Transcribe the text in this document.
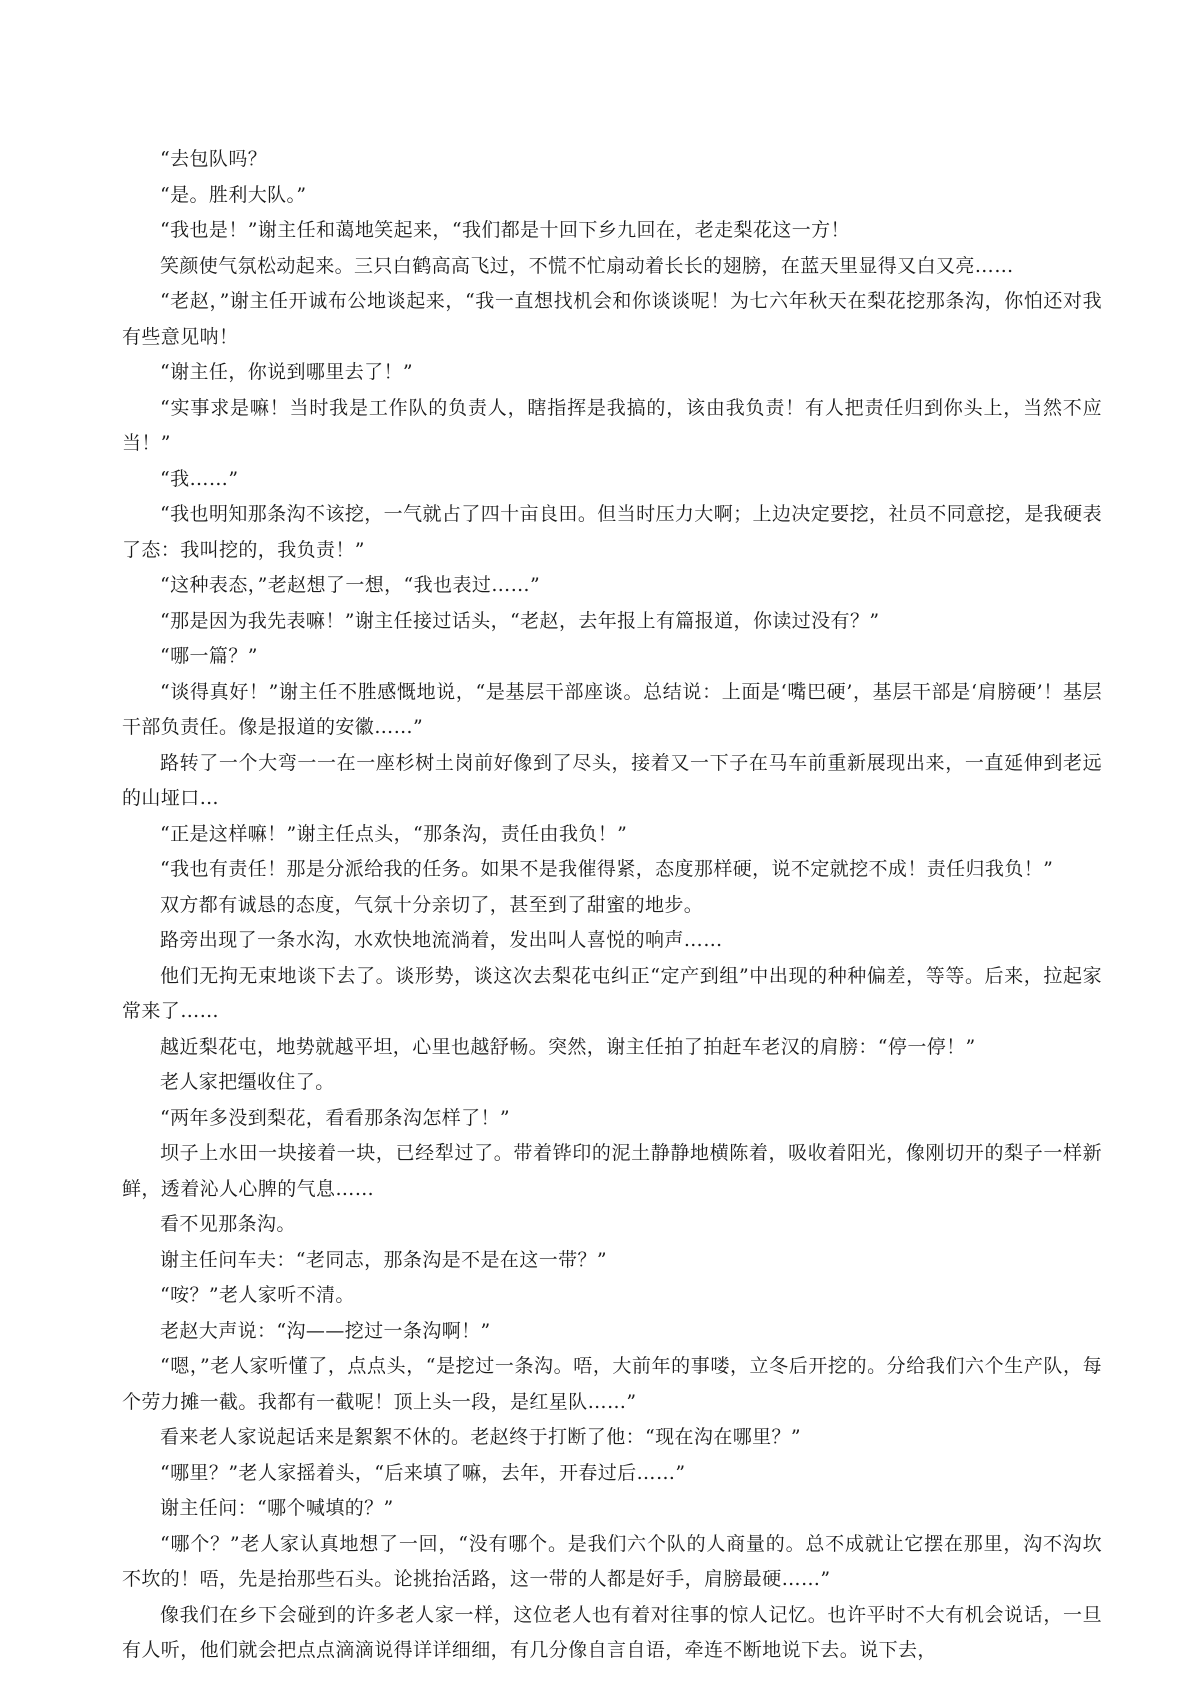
“去包队吗？

“是。胜利大队。”

“我也是！”谢主任和蔼地笑起来，“我们都是十回下乡九回在，老走梨花这一方！

笑颜使气氛松动起来。三只白鹤高高飞过，不慌不忙扇动着长长的翅膀，在蓝天里显得又白又亮……

“老赵，”谢主任开诚布公地谈起来，“我一直想找机会和你谈谈呢！为七六年秋天在梨花挖那条沟，你怕还对我有些意见呐！

“谢主任，你说到哪里去了！”

“实事求是嘛！当时我是工作队的负责人，瞎指挥是我搞的，该由我负责！有人把责任归到你头上，当然不应当！”

“我……”

“我也明知那条沟不该挖，一气就占了四十亩良田。但当时压力大啊；上边决定要挖，社员不同意挖，是我硬表了态：我叫挖的，我负责！”

“这种表态，”老赵想了一想，“我也表过……”

“那是因为我先表嘛！”谢主任接过话头，“老赵，去年报上有篇报道，你读过没有？”

“哪一篇？”

“谈得真好！”谢主任不胜感慨地说，“是基层干部座谈。总结说：上面是‘嘴巴硬’，基层干部是‘肩膀硬’！基层干部负责任。像是报道的安徽……”

路转了一个大弯一一在一座杉树土岗前好像到了尽头，接着又一下子在马车前重新展现出来，一直延伸到老远的山垭口…

“正是这样嘛！”谢主任点头，“那条沟，责任由我负！”

“我也有责任！那是分派给我的任务。如果不是我催得紧，态度那样硬，说不定就挖不成！责任归我负！”

双方都有诚恳的态度，气氛十分亲切了，甚至到了甜蜜的地步。

路旁出现了一条水沟，水欢快地流淌着，发出叫人喜悦的响声……

他们无拘无束地谈下去了。谈形势，谈这次去梨花屯纠正“定产到组”中出现的种种偏差，等等。后来，拉起家常来了……

越近梨花屯，地势就越平坦，心里也越舒畅。突然，谢主任拍了拍赶车老汉的肩膀：“停一停！”

老人家把缰收住了。

“两年多没到梨花，看看那条沟怎样了！”

坝子上水田一块接着一块，已经犁过了。带着铧印的泥土静静地横陈着，吸收着阳光，像刚切开的梨子一样新鲜，透着沁人心脾的气息……

看不见那条沟。

谢主任问车夫：“老同志，那条沟是不是在这一带？”

“咹？”老人家听不清。

老赵大声说：“沟——挖过一条沟啊！”

“嗯，”老人家听懂了，点点头，“是挖过一条沟。唔，大前年的事喽，立冬后开挖的。分给我们六个生产队，每个劳力摊一截。我都有一截呢！顶上头一段，是红星队……”

看来老人家说起话来是絮絮不休的。老赵终于打断了他：“现在沟在哪里？”

“哪里？”老人家摇着头，“后来填了嘛，去年，开春过后……”

谢主任问：“哪个喊填的？”

“哪个？”老人家认真地想了一回，“没有哪个。是我们六个队的人商量的。总不成就让它摆在那里，沟不沟坎不坎的！唔，先是抬那些石头。论挑抬活路，这一带的人都是好手，肩膀最硬……”

像我们在乡下会碰到的许多老人家一样，这位老人也有着对往事的惊人记忆。也许平时不大有机会说话，一旦有人听，他们就会把点点滴滴说得详详细细，有几分像自言自语，牵连不断地说下去。说下去，
